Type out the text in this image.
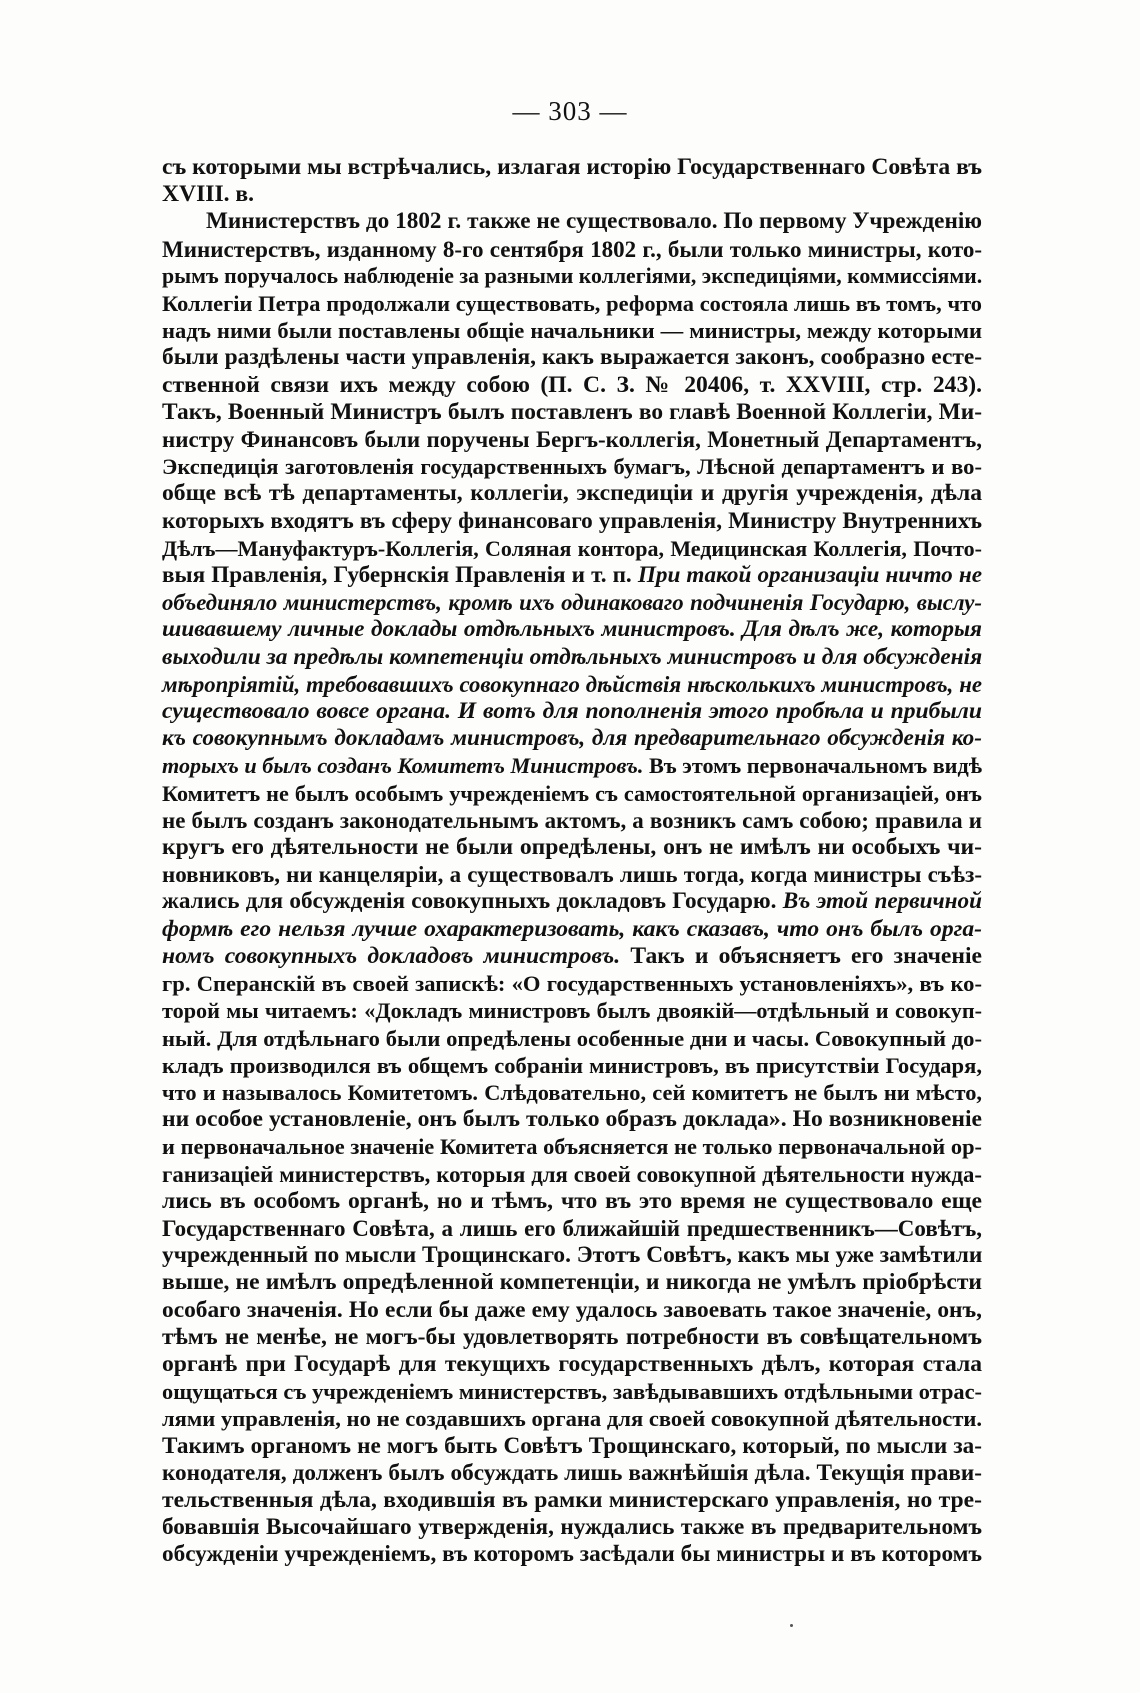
— 303 —

съ которыми мы встрѣчались, излагая исторію Государственнаго Совѣта въ

XVIII. в.

Министерствъ до 1802 г. также не существовало. По первому Учрежденію

Министерствъ, изданному 8-го сентября 1802 г., были только министры, кото-

рымъ поручалось наблюденіе за разными коллегіями, экспедиціями, коммиссіями.

Коллегіи Петра продолжали существовать, реформа состояла лишь въ томъ, что

надъ ними были поставлены общіе начальники — министры, между которыми

были раздѣлены части управленія, какъ выражается законъ, сообразно есте-

ственной связи ихъ между собою (П. С. З. № 20406, т. XXVIII, стр. 243).

Такъ, Военный Министръ былъ поставленъ во главѣ Военной Коллегіи, Ми-

нистру Финансовъ были поручены Бергъ-коллегія, Монетный Департаментъ,

Экспедиція заготовленія государственныхъ бумагъ, Лѣсной департаментъ и во-

обще всѣ тѣ департаменты, коллегіи, экспедиціи и другія учрежденія, дѣла

которыхъ входятъ въ сферу финансоваго управленія, Министру Внутреннихъ

Дѣлъ—Мануфактуръ-Коллегія, Соляная контора, Медицинская Коллегія, Почто-

выя Правленія, Губернскія Правленія и т. п. При такой организаціи ничто не

объединяло министерствъ, кромѣ ихъ одинаковаго подчиненія Государю, выслу-

шивавшему личные доклады отдѣльныхъ министровъ. Для дѣлъ же, которыя

выходили за предѣлы компетенціи отдѣльныхъ министровъ и для обсужденія

мѣропріятій, требовавшихъ совокупнаго дѣйствія нѣсколькихъ министровъ, не

существовало вовсе органа. И вотъ для пополненія этого пробѣла и прибыли

къ совокупнымъ докладамъ министровъ, для предварительнаго обсужденія ко-

торыхъ и былъ созданъ Комитетъ Министровъ. Въ этомъ первоначальномъ видѣ

Комитетъ не былъ особымъ учрежденіемъ съ самостоятельной организаціей, онъ

не былъ созданъ законодательнымъ актомъ, а возникъ самъ собою; правила и

кругъ его дѣятельности не были опредѣлены, онъ не имѣлъ ни особыхъ чи-

новниковъ, ни канцеляріи, а существовалъ лишь тогда, когда министры съѣз-

жались для обсужденія совокупныхъ докладовъ Государю. Въ этой первичной

формѣ его нельзя лучше охарактеризовать, какъ сказавъ, что онъ былъ орга-

номъ совокупныхъ докладовъ министровъ. Такъ и объясняетъ его значеніе

гр. Сперанскій въ своей запискѣ: «О государственныхъ установленіяхъ», въ ко-

торой мы читаемъ: «Докладъ министровъ былъ двоякій—отдѣльный и совокуп-

ный. Для отдѣльнаго были опредѣлены особенные дни и часы. Совокупный до-

кладъ производился въ общемъ собраніи министровъ, въ присутствіи Государя,

что и называлось Комитетомъ. Слѣдовательно, сей комитетъ не былъ ни мѣсто,

ни особое установленіе, онъ былъ только образъ доклада». Но возникновеніе

и первоначальное значеніе Комитета объясняется не только первоначальной ор-

ганизаціей министерствъ, которыя для своей совокупной дѣятельности нужда-

лись въ особомъ органѣ, но и тѣмъ, что въ это время не существовало еще

Государственнаго Совѣта, а лишь его ближайшій предшественникъ—Совѣтъ,

учрежденный по мысли Трощинскаго. Этотъ Совѣтъ, какъ мы уже замѣтили

выше, не имѣлъ опредѣленной компетенціи, и никогда не умѣлъ пріобрѣсти

особаго значенія. Но если бы даже ему удалось завоевать такое значеніе, онъ,

тѣмъ не менѣе, не могъ-бы удовлетворять потребности въ совѣщательномъ

органѣ при Государѣ для текущихъ государственныхъ дѣлъ, которая стала

ощущаться съ учрежденіемъ министерствъ, завѣдывавшихъ отдѣльными отрас-

лями управленія, но не создавшихъ органа для своей совокупной дѣятельности.

Такимъ органомъ не могъ быть Совѣтъ Трощинскаго, который, по мысли за-

конодателя, долженъ былъ обсуждать лишь важнѣйшія дѣла. Текущія прави-

тельственныя дѣла, входившія въ рамки министерскаго управленія, но тре-

бовавшія Высочайшаго утвержденія, нуждались также въ предварительномъ

обсужденіи учрежденіемъ, въ которомъ засѣдали бы министры и въ которомъ
